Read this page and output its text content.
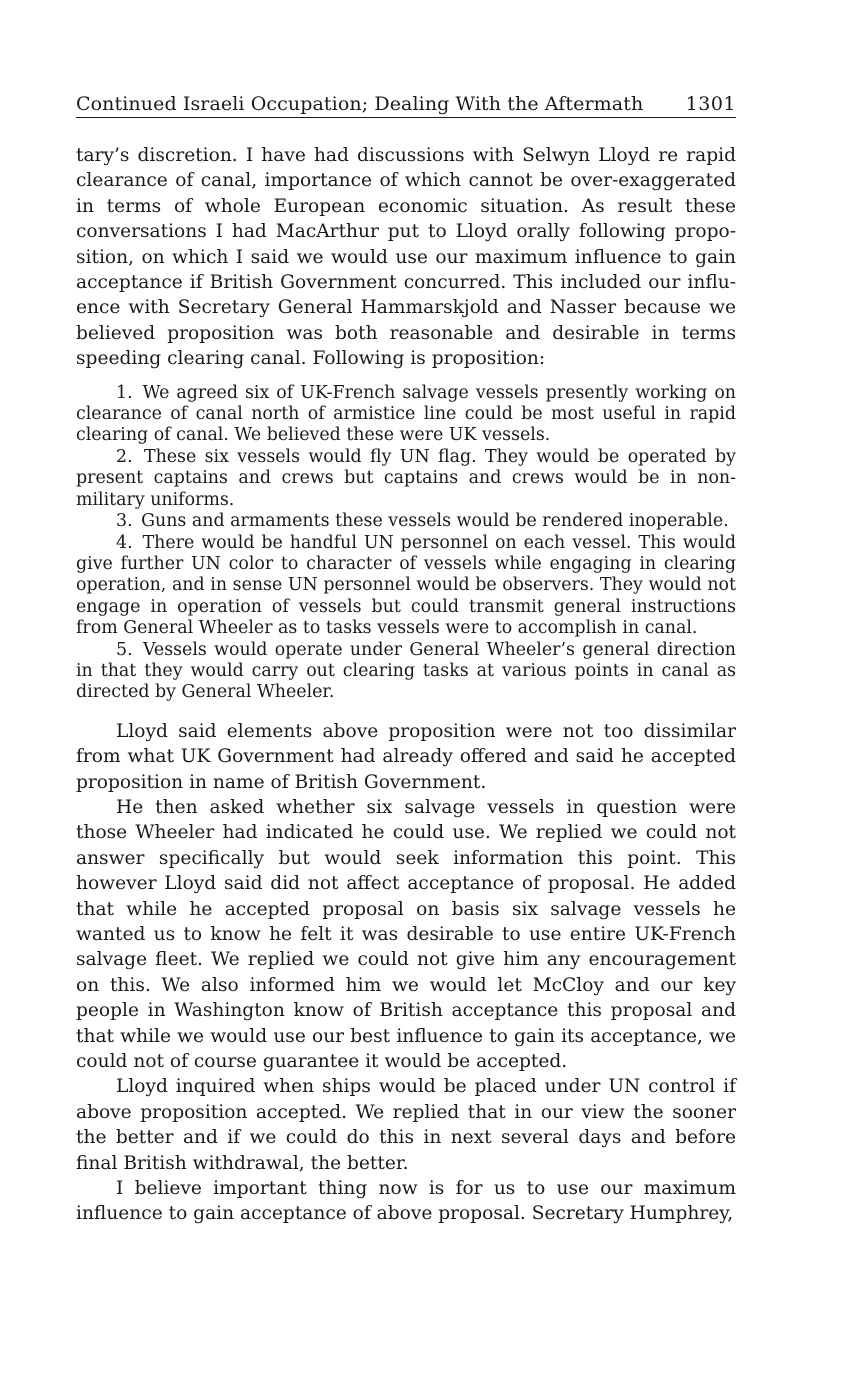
Continued Israeli Occupation; Dealing With the Aftermath 1301

tary’s discretion. I have had discussions with Selwyn Lloyd re rapid clearance of canal, importance of which cannot be over-exaggerated in terms of whole European economic situation. As result these conversations I had MacArthur put to Lloyd orally following proposition, on which I said we would use our maximum influence to gain acceptance if British Government concurred. This included our influence with Secretary General Hammarskjold and Nasser because we believed proposition was both reasonable and desirable in terms speeding clearing canal. Following is proposition:

1. We agreed six of UK-French salvage vessels presently working on clearance of canal north of armistice line could be most useful in rapid clearing of canal. We believed these were UK vessels.

2. These six vessels would fly UN flag. They would be operated by present captains and crews but captains and crews would be in non-military uniforms.

3. Guns and armaments these vessels would be rendered inoperable.

4. There would be handful UN personnel on each vessel. This would give further UN color to character of vessels while engaging in clearing operation, and in sense UN personnel would be observers. They would not engage in operation of vessels but could transmit general instructions from General Wheeler as to tasks vessels were to accomplish in canal.

5. Vessels would operate under General Wheeler’s general direction in that they would carry out clearing tasks at various points in canal as directed by General Wheeler.

Lloyd said elements above proposition were not too dissimilar from what UK Government had already offered and said he accepted proposition in name of British Government.

He then asked whether six salvage vessels in question were those Wheeler had indicated he could use. We replied we could not answer specifically but would seek information this point. This however Lloyd said did not affect acceptance of proposal. He added that while he accepted proposal on basis six salvage vessels he wanted us to know he felt it was desirable to use entire UK-French salvage fleet. We replied we could not give him any encouragement on this. We also informed him we would let McCloy and our key people in Washington know of British acceptance this proposal and that while we would use our best influence to gain its acceptance, we could not of course guarantee it would be accepted.

Lloyd inquired when ships would be placed under UN control if above proposition accepted. We replied that in our view the sooner the better and if we could do this in next several days and before final British withdrawal, the better.

I believe important thing now is for us to use our maximum influence to gain acceptance of above proposal. Secretary Humphrey,
